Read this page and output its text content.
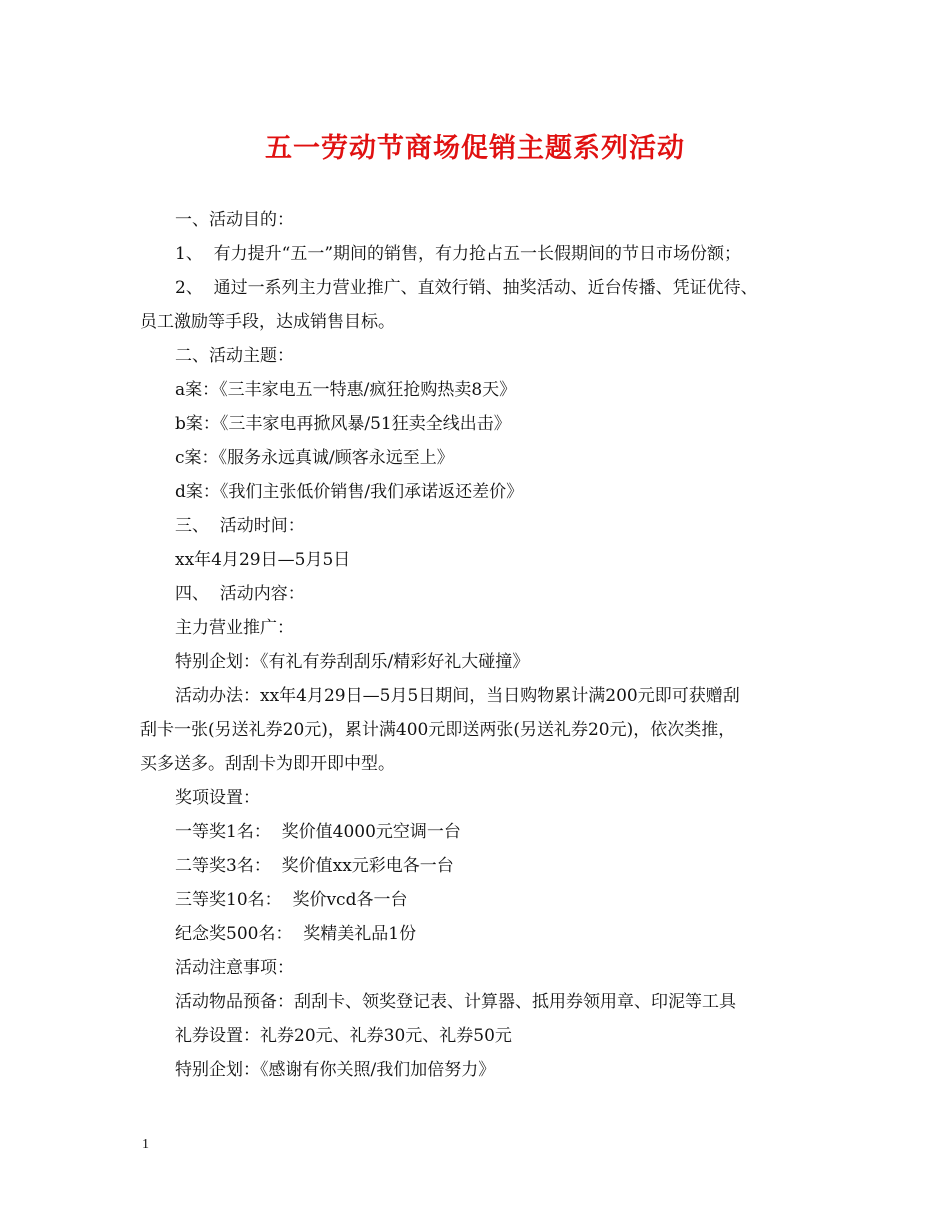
五一劳动节商场促销主题系列活动
一、活动目的：
1、  有力提升“五一”期间的销售，有力抢占五一长假期间的节日市场份额；
2、  通过一系列主力营业推广、直效行销、抽奖活动、近台传播、凭证优待、
员工激励等手段，达成销售目标。
二、活动主题：
a案：《三丰家电五一特惠/疯狂抢购热卖8天》
b案：《三丰家电再掀风暴/51狂卖全线出击》
c案：《服务永远真诚/顾客永远至上》
d案：《我们主张低价销售/我们承诺返还差价》
三、  活动时间：
xx年4月29日—5月5日
四、  活动内容：
主力营业推广：
特别企划：《有礼有券刮刮乐/精彩好礼大碰撞》
活动办法：xx年4月29日—5月5日期间，当日购物累计满200元即可获赠刮
刮卡一张(另送礼券20元)，累计满400元即送两张(另送礼券20元)，依次类推，
买多送多。刮刮卡为即开即中型。
奖项设置：
一等奖1名：  奖价值4000元空调一台
二等奖3名：  奖价值xx元彩电各一台
三等奖10名：  奖价vcd各一台
纪念奖500名：  奖精美礼品1份
活动注意事项：
活动物品预备：刮刮卡、领奖登记表、计算器、抵用券领用章、印泥等工具
礼券设置：礼券20元、礼券30元、礼券50元
特别企划：《感谢有你关照/我们加倍努力》
1
